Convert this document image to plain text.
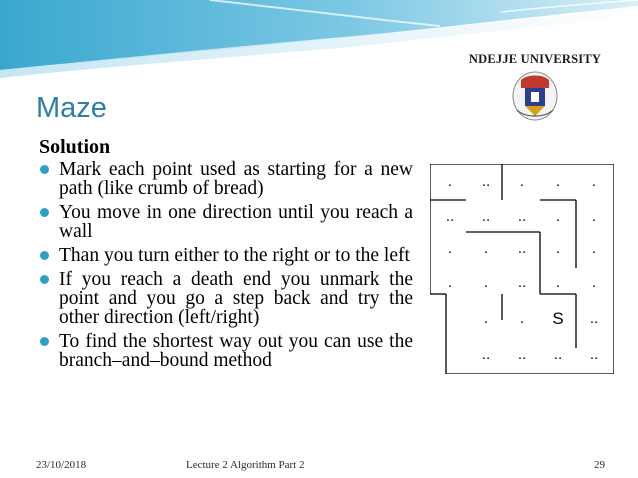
NDEJJE UNIVERSITY
Maze
Solution
Mark each point used as starting for a new path (like crumb of bread)
You move in one direction until you reach a wall
Than you turn either to the right or to the left
If you reach a death end you unmark the point and you go a step back and try the other direction (left/right)
To find the shortest way out you can use the branch–and–bound method
.	..	.	.	.
..	..	..	.	.
.	.	..	.	.
.	.	..	.	.
.	.	S	..
..	..	..	..
23/10/2018	Lecture 2 Algorithm Part 2	29
